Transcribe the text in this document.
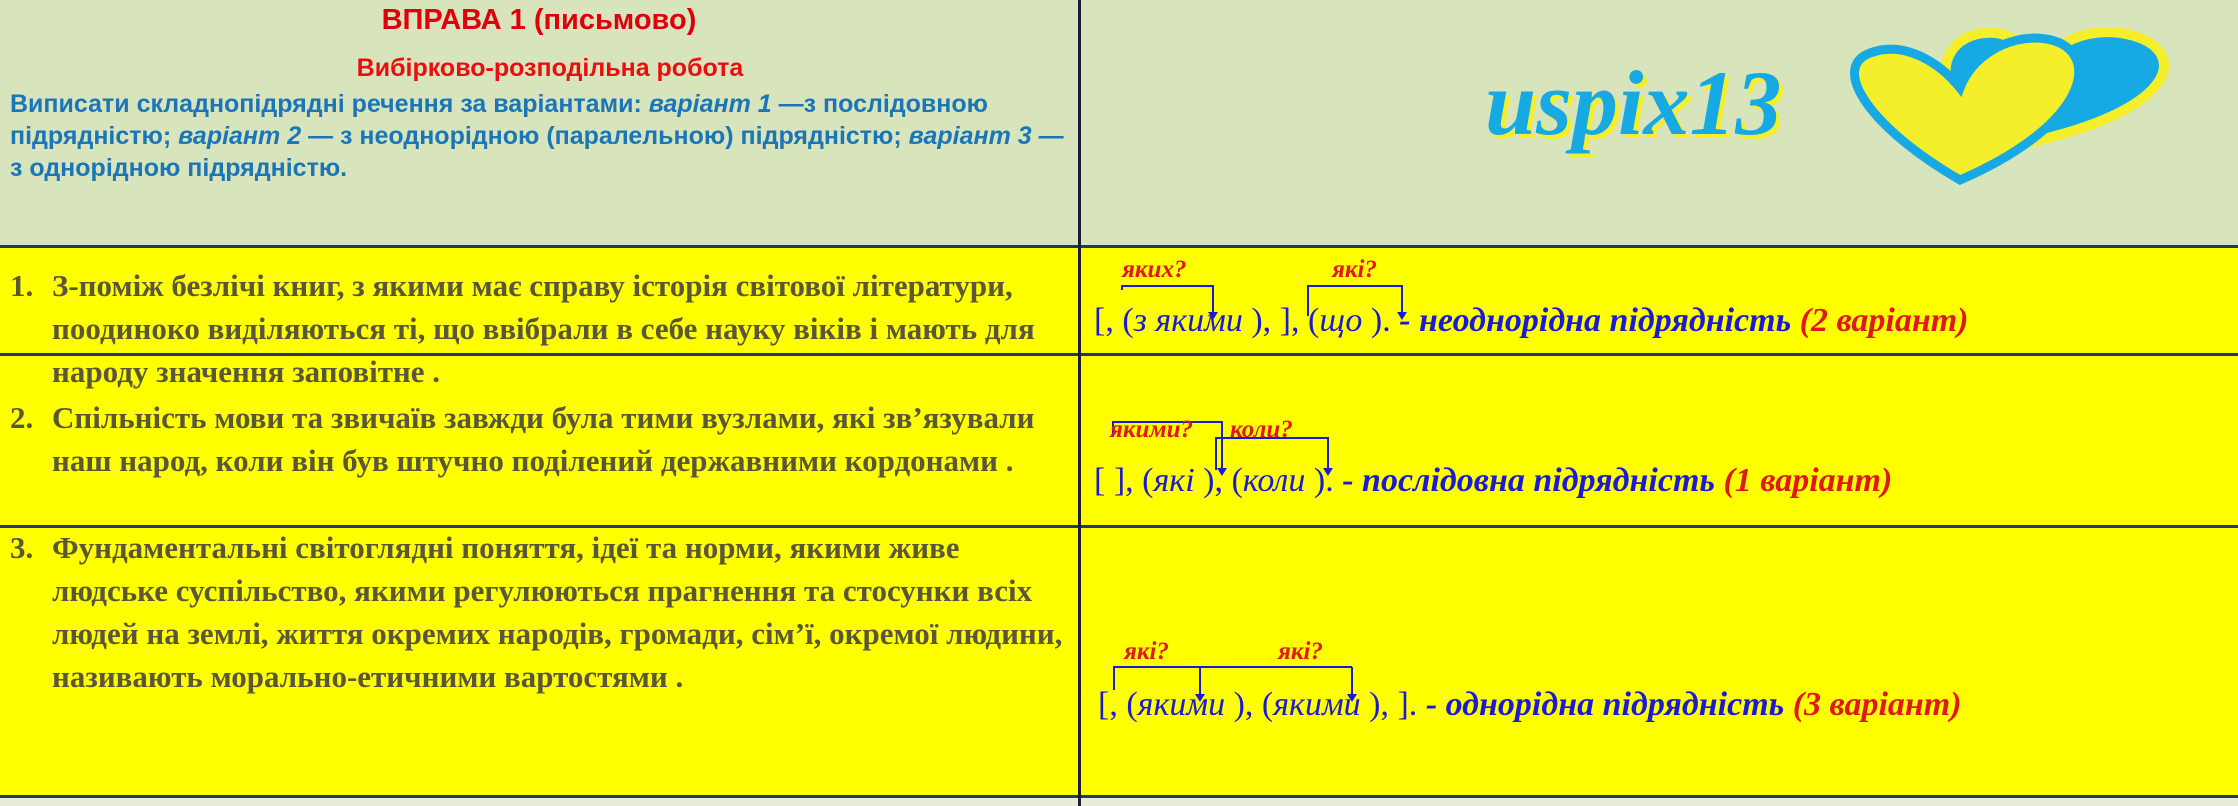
ВПРАВА 1 (письмово)
Вибірково-розподільна робота
Виписати складнопідрядні речення за варіантами: варіант 1 —з послідовною підрядністю; варіант 2 — з неоднорідною (паралельною) підрядністю; варіант 3 — з однорідною підрядністю.
uspix13
1. З-поміж безлічі книг, з якими має справу історія світової літератури, поодиноко виділяються ті, що ввібрали в себе науку віків і мають для народу значення заповітне .
2. Спільність мови та звичаїв завжди була тими вузлами, які зв’язували наш народ, коли він був штучно поділений державними кордонами .
3. Фундаментальні світоглядні поняття, ідеї та норми, якими живе людське суспільство, якими регулюються прагнення та стосунки всіх людей на землі, життя окремих народів, громади, сім’ї, окремої людини, називають морально-етичними вартостями .
яких?	які?
[, (з якими ), ], (що ). - неоднорідна підрядність (2 варіант)
якими? коли?
[ ], (які ), (коли ). - послідовна підрядність (1 варіант)
які?	які?
[, (якими ), (якими ), ]. - однорідна підрядність (3 варіант)
